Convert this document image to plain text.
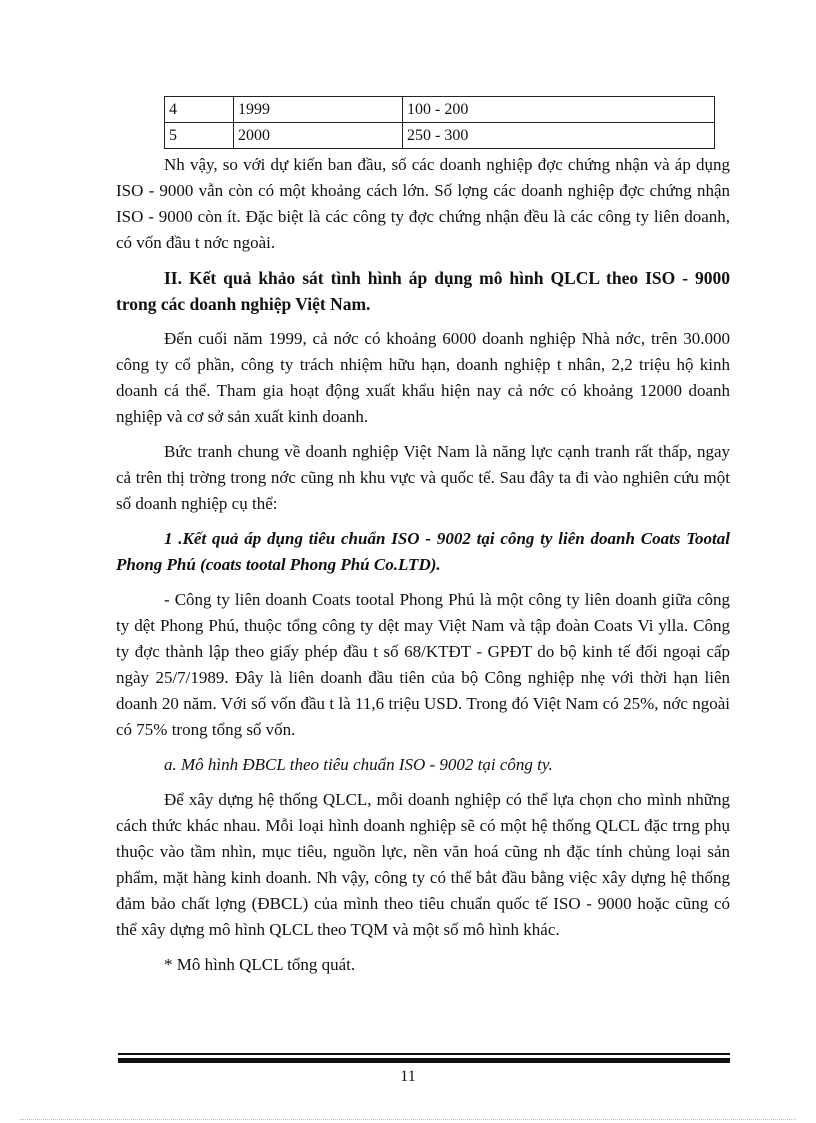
4	1999	100 - 200
5	2000	250 - 300

Nh vậy, so với dự kiến ban đầu, số các doanh nghiệp đợc chứng nhận và áp dụng ISO - 9000 vẫn còn có một khoảng cách lớn. Số lợng các doanh nghiệp đợc chứng nhận ISO - 9000 còn ít. Đặc biệt là các công ty đợc chứng nhận đều là các công ty liên doanh, có vốn đầu t nớc ngoài.

II. Kết quả khảo sát tình hình áp dụng mô hình QLCL theo ISO - 9000 trong các doanh nghiệp Việt Nam.

Đến cuối năm 1999, cả nớc có khoảng 6000 doanh nghiệp Nhà nớc, trên 30.000 công ty cổ phần, công ty trách nhiệm hữu hạn, doanh nghiệp t nhân, 2,2 triệu hộ kinh doanh cá thể. Tham gia hoạt động xuất khẩu hiện nay cả nớc có khoảng 12000 doanh nghiệp và cơ sở sản xuất kinh doanh.

Bức tranh chung về doanh nghiệp Việt Nam là năng lực cạnh tranh rất thấp, ngay cả trên thị trờng trong nớc cũng nh khu vực và quốc tế. Sau đây ta đi vào nghiên cứu một số doanh nghiệp cụ thể:

1 .Kết quả áp dụng tiêu chuẩn ISO - 9002 tại công ty liên doanh Coats Tootal Phong Phú (coats tootal Phong Phú Co.LTD).

- Công ty liên doanh Coats tootal Phong Phú là một công ty liên doanh giữa công ty dệt Phong Phú, thuộc tổng công ty dệt may Việt Nam và tập đoàn Coats Vi ylla. Công ty đợc thành lập theo giấy phép đầu t số 68/KTĐT - GPĐT do bộ kinh tế đối ngoại cấp ngày 25/7/1989. Đây là liên doanh đầu tiên của bộ Công nghiệp nhẹ với thời hạn liên doanh 20 năm. Với số vốn đầu t là 11,6 triệu USD. Trong đó Việt Nam có 25%, nớc ngoài có 75% trong tổng số vốn.

a. Mô hình ĐBCL theo tiêu chuẩn ISO - 9002 tại công ty.

Để xây dựng hệ thống QLCL, mỗi doanh nghiệp có thể lựa chọn cho mình những cách thức khác nhau. Mỗi loại hình doanh nghiệp sẽ có một hệ thống QLCL đặc trng phụ thuộc vào tầm nhìn, mục tiêu, nguồn lực, nền văn hoá cũng nh đặc tính chủng loại sản phẩm, mặt hàng kinh doanh. Nh vậy, công ty có thể bắt đầu bằng việc xây dựng hệ thống đảm bảo chất lợng (ĐBCL) của mình theo tiêu chuẩn quốc tế ISO - 9000 hoặc cũng có thể xây dựng mô hình QLCL theo TQM và một số mô hình khác.

* Mô hình QLCL tổng quát.

11
